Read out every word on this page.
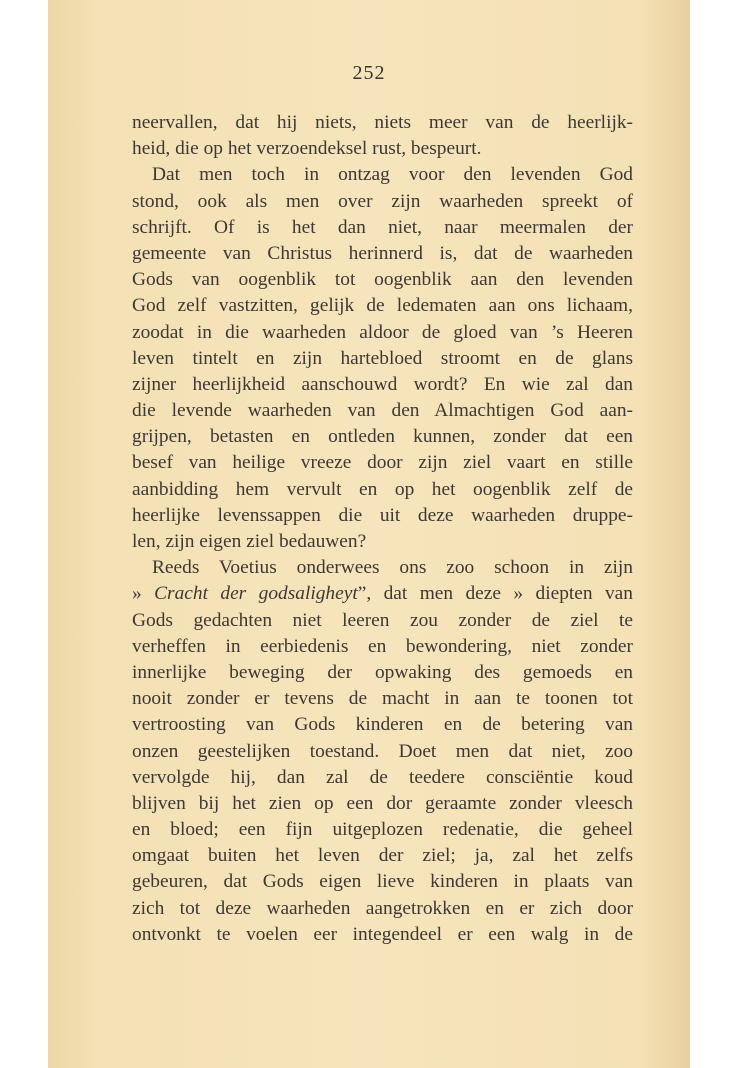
252
neervallen, dat hij niets, niets meer van de heerlijk-
heid, die op het verzoendeksel rust, bespeurt.
Dat men toch in ontzag voor den levenden God
stond, ook als men over zijn waarheden spreekt of
schrijft. Of is het dan niet, naar meermalen der
gemeente van Christus herinnerd is, dat de waarheden
Gods van oogenblik tot oogenblik aan den levenden
God zelf vastzitten, gelijk de ledematen aan ons lichaam,
zoodat in die waarheden aldoor de gloed van ’s Heeren
leven tintelt en zijn hartebloed stroomt en de glans
zijner heerlijkheid aanschouwd wordt? En wie zal dan
die levende waarheden van den Almachtigen God aan-
grijpen, betasten en ontleden kunnen, zonder dat een
besef van heilige vreeze door zijn ziel vaart en stille
aanbidding hem vervult en op het oogenblik zelf de
heerlijke levenssappen die uit deze waarheden druppe-
len, zijn eigen ziel bedauwen?
Reeds Voetius onderwees ons zoo schoon in zijn
» Cracht der godsaligheyt”, dat men deze » diepten van
Gods gedachten niet leeren zou zonder de ziel te
verheffen in eerbiedenis en bewondering, niet zonder
innerlijke beweging der opwaking des gemoeds en
nooit zonder er tevens de macht in aan te toonen tot
vertroosting van Gods kinderen en de betering van
onzen geestelijken toestand. Doet men dat niet, zoo
vervolgde hij, dan zal de teedere consciëntie koud
blijven bij het zien op een dor geraamte zonder vleesch
en bloed; een fijn uitgeplozen redenatie, die geheel
omgaat buiten het leven der ziel; ja, zal het zelfs
gebeuren, dat Gods eigen lieve kinderen in plaats van
zich tot deze waarheden aangetrokken en er zich door
ontvonkt te voelen eer integendeel er een walg in de
